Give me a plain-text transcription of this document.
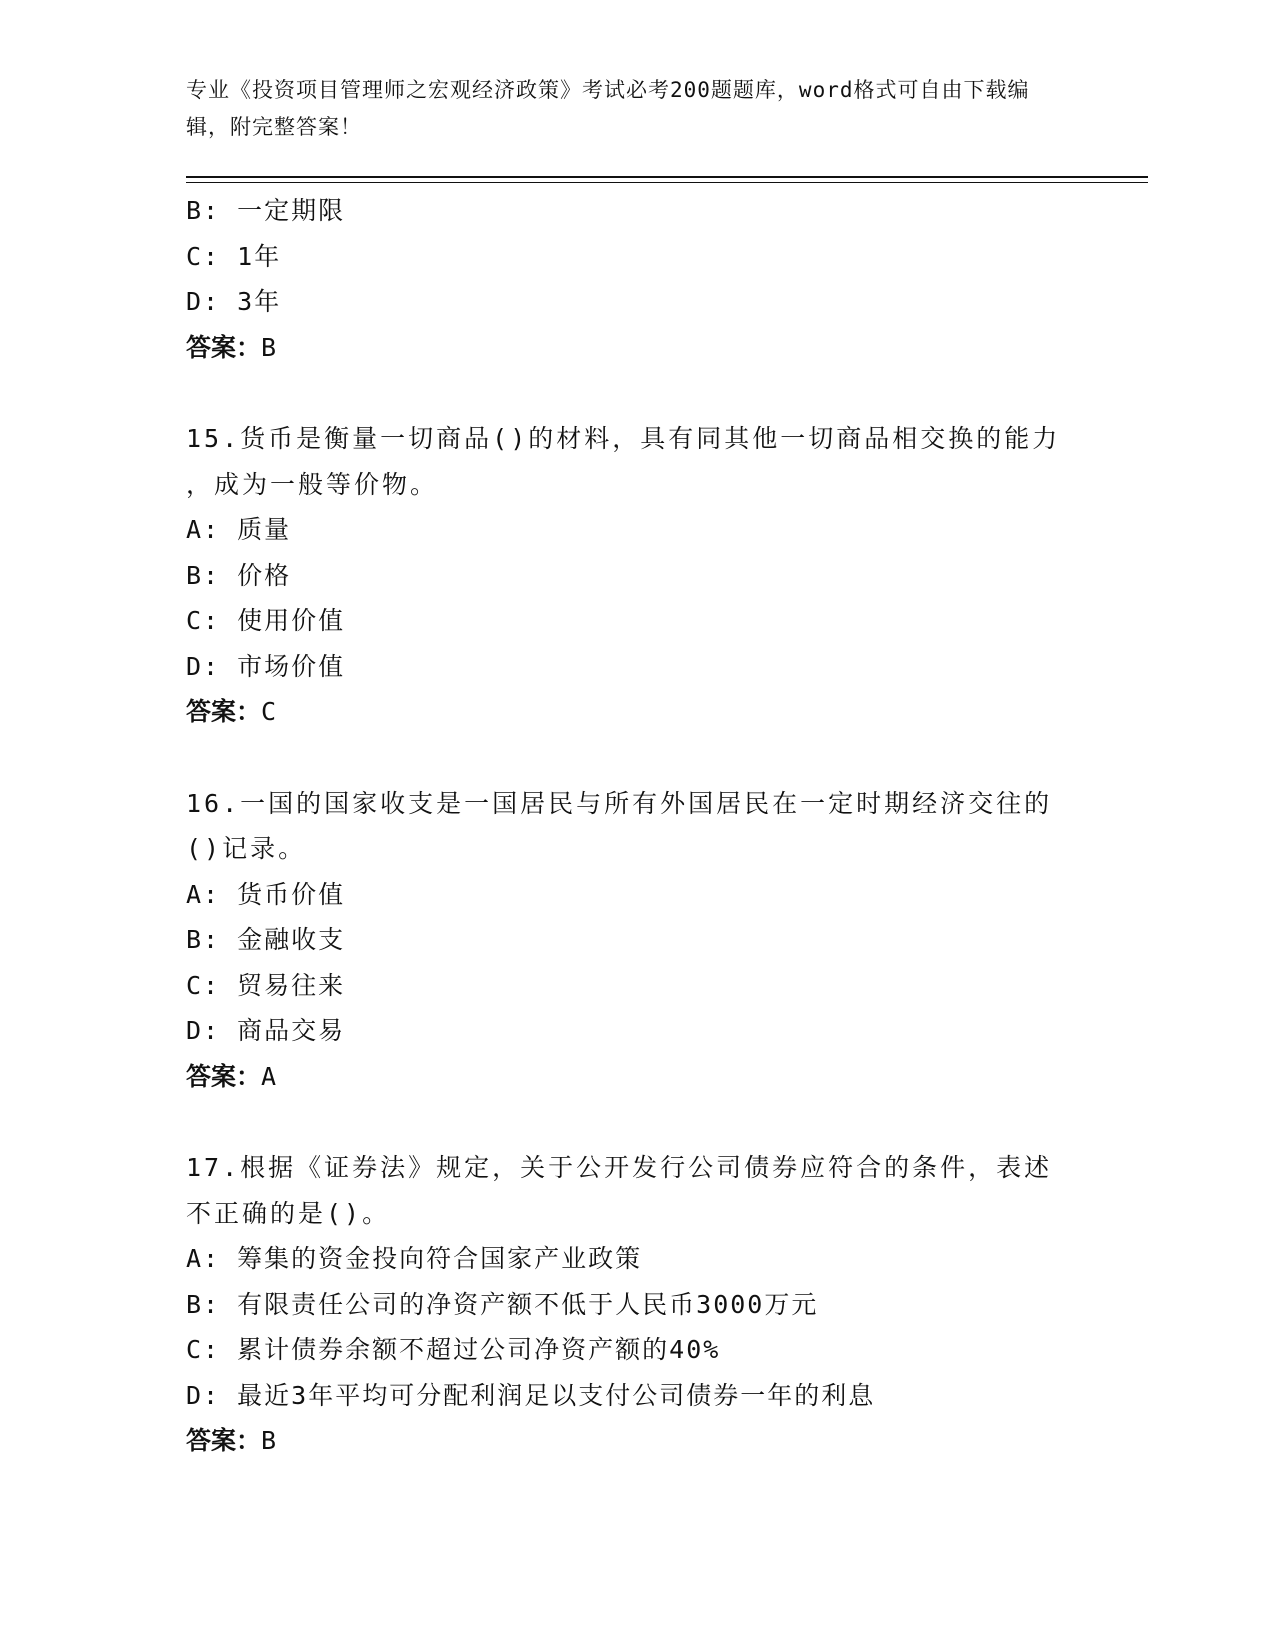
专业《投资项目管理师之宏观经济政策》考试必考200题题库，word格式可自由下载编辑，附完整答案！
B: 一定期限
C: 1年
D: 3年
答案：B
15.货币是衡量一切商品()的材料，具有同其他一切商品相交换的能力
，成为一般等价物。
A: 质量
B: 价格
C: 使用价值
D: 市场价值
答案：C
16.一国的国家收支是一国居民与所有外国居民在一定时期经济交往的
()记录。
A: 货币价值
B: 金融收支
C: 贸易往来
D: 商品交易
答案：A
17.根据《证券法》规定，关于公开发行公司债券应符合的条件，表述
不正确的是()。
A: 筹集的资金投向符合国家产业政策
B: 有限责任公司的净资产额不低于人民币3000万元
C: 累计债券余额不超过公司净资产额的40%
D: 最近3年平均可分配利润足以支付公司债券一年的利息
答案：B
